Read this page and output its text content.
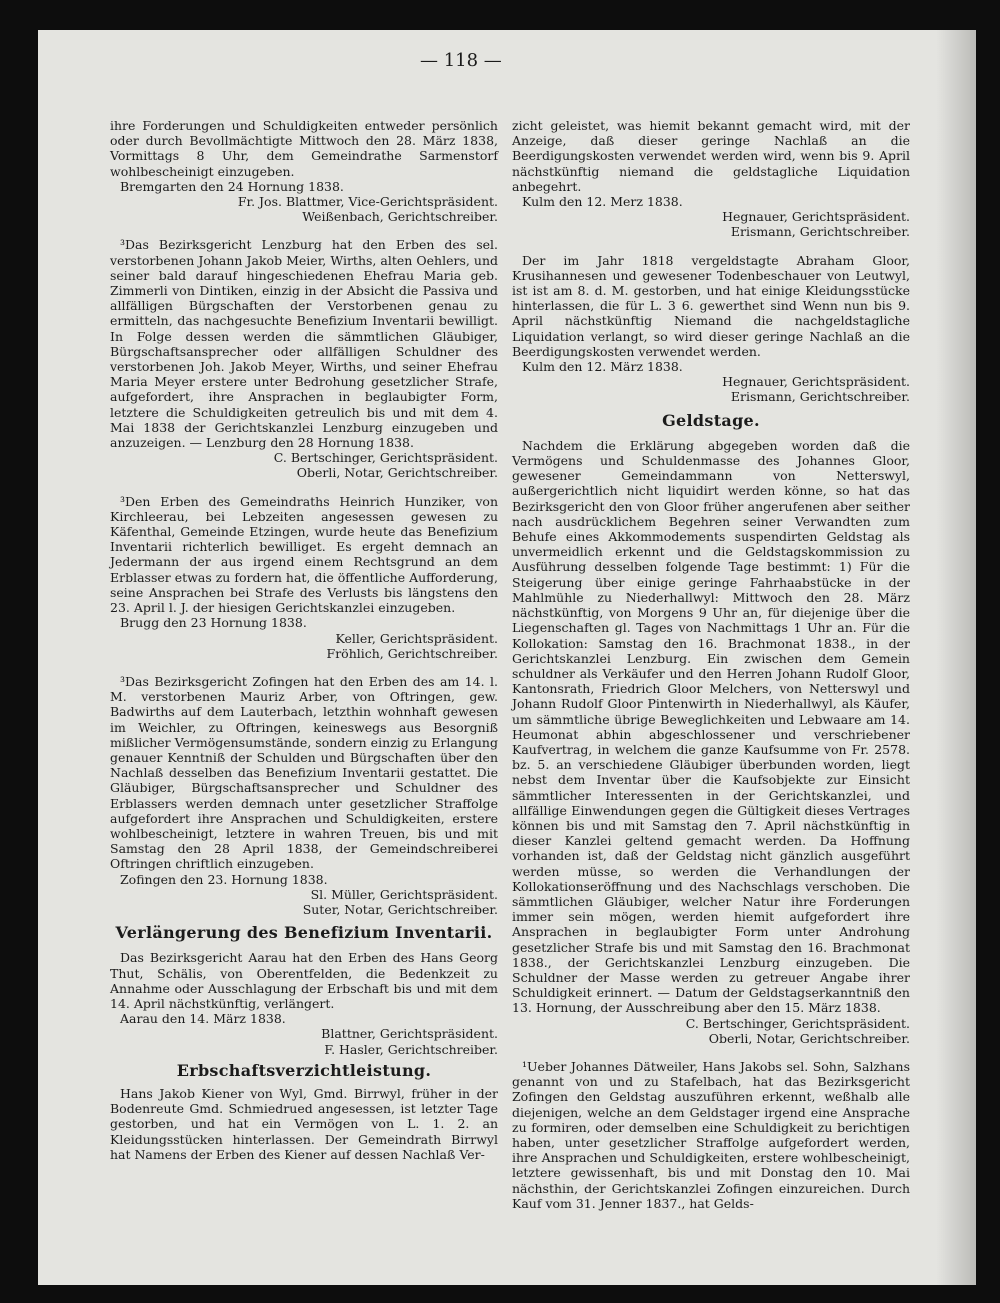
— 118 —

ihre Forderungen und Schuldigkeiten entweder persönlich oder durch Bevollmächtigte Mittwoch den 28. März 1838, Vormittags 8 Uhr, dem Gemeindrathe Sarmenstorf wohlbescheinigt einzugeben.

Bremgarten den 24 Hornung 1838.

Fr. Jos. Blattmer, Vice-Gerichtspräsident.

Weißenbach, Gerichtschreiber.

³Das Bezirksgericht Lenzburg hat den Erben des sel. verstorbenen Johann Jakob Meier, Wirths, alten Oehlers, und seiner bald darauf hingeschiedenen Ehefrau Maria geb. Zimmerli von Dintiken, einzig in der Absicht die Passiva und allfälligen Bürgschaften der Verstorbenen genau zu ermitteln, das nachgesuchte Benefizium Inventarii bewilligt. In Folge dessen werden die sämmtlichen Gläubiger, Bürgschaftsansprecher oder allfälligen Schuldner des verstorbenen Joh. Jakob Meyer, Wirths, und seiner Ehefrau Maria Meyer erstere unter Bedrohung gesetzlicher Strafe, aufgefordert, ihre Ansprachen in beglaubigter Form, letztere die Schuldigkeiten getreulich bis und mit dem 4. Mai 1838 der Gerichtskanzlei Lenzburg einzugeben und anzuzeigen. — Lenzburg den 28 Hornung 1838.

C. Bertschinger, Gerichtspräsident.

Oberli, Notar, Gerichtschreiber.

³Den Erben des Gemeindraths Heinrich Hunziker, von Kirchleerau, bei Lebzeiten angesessen gewesen zu Käfenthal, Gemeinde Etzingen, wurde heute das Benefizium Inventarii richterlich bewilliget. Es ergeht demnach an Jedermann der aus irgend einem Rechtsgrund an dem Erblasser etwas zu fordern hat, die öffentliche Aufforderung, seine Ansprachen bei Strafe des Verlusts bis längstens den 23. April l. J. der hiesigen Gerichtskanzlei einzugeben.

Brugg den 23 Hornung 1838.

Keller, Gerichtspräsident.

Fröhlich, Gerichtschreiber.

³Das Bezirksgericht Zofingen hat den Erben des am 14. l. M. verstorbenen Mauriz Arber, von Oftringen, gew. Badwirths auf dem Lauterbach, letzthin wohnhaft gewesen im Weichler, zu Oftringen, keineswegs aus Besorgniß mißlicher Vermögensumstände, sondern einzig zu Erlangung genauer Kenntniß der Schulden und Bürgschaften über den Nachlaß desselben das Benefizium Inventarii gestattet. Die Gläubiger, Bürgschaftsansprecher und Schuldner des Erblassers werden demnach unter gesetzlicher Straffolge aufgefordert ihre Ansprachen und Schuldigkeiten, erstere wohlbescheinigt, letztere in wahren Treuen, bis und mit Samstag den 28 April 1838, der Gemeindschreiberei Oftringen chriftlich einzugeben.

Zofingen den 23. Hornung 1838.

Sl. Müller, Gerichtspräsident.

Suter, Notar, Gerichtschreiber.

Verlängerung des Benefizium Inventarii.

Das Bezirksgericht Aarau hat den Erben des Hans Georg Thut, Schälis, von Oberentfelden, die Bedenkzeit zu Annahme oder Ausschlagung der Erbschaft bis und mit dem 14. April nächstkünftig, verlängert.

Aarau den 14. März 1838.

Blattner, Gerichtspräsident.

F. Hasler, Gerichtschreiber.

Erbschaftsverzichtleistung.

Hans Jakob Kiener von Wyl, Gmd. Birrwyl, früher in der Bodenreute Gmd. Schmiedrued angesessen, ist letzter Tage gestorben, und hat ein Vermögen von L. 1. 2. an Kleidungsstücken hinterlassen. Der Gemeindrath Birrwyl hat Namens der Erben des Kiener auf dessen Nachlaß Ver-

zicht geleistet, was hiemit bekannt gemacht wird, mit der Anzeige, daß dieser geringe Nachlaß an die Beerdigungskosten verwendet werden wird, wenn bis 9. April nächstkünftig niemand die geldstagliche Liquidation anbegehrt.

Kulm den 12. Merz 1838.

Hegnauer, Gerichtspräsident.

Erismann, Gerichtschreiber.

Der im Jahr 1818 vergeldstagte Abraham Gloor, Krusihannesen und gewesener Todenbeschauer von Leutwyl, ist ist am 8. d. M. gestorben, und hat einige Kleidungsstücke hinterlassen, die für L. 3 6. gewerthet sind Wenn nun bis 9. April nächstkünftig Niemand die nachgeldstagliche Liquidation verlangt, so wird dieser geringe Nachlaß an die Beerdigungskosten verwendet werden.

Kulm den 12. März 1838.

Hegnauer, Gerichtspräsident.

Erismann, Gerichtschreiber.

Geldstage.

Nachdem die Erklärung abgegeben worden daß die Vermögens und Schuldenmasse des Johannes Gloor, gewesener Gemeindammann von Netterswyl, außergerichtlich nicht liquidirt werden könne, so hat das Bezirksgericht den von Gloor früher angerufenen aber seither nach ausdrücklichem Begehren seiner Verwandten zum Behufe eines Akkommodements suspendirten Geldstag als unvermeidlich erkennt und die Geldstagskommission zu Ausführung desselben folgende Tage bestimmt: 1) Für die Steigerung über einige geringe Fahrhaabstücke in der Mahlmühle zu Niederhallwyl: Mittwoch den 28. März nächstkünftig, von Morgens 9 Uhr an, für diejenige über die Liegenschaften gl. Tages von Nachmittags 1 Uhr an. Für die Kollokation: Samstag den 16. Brachmonat 1838., in der Gerichtskanzlei Lenzburg. Ein zwischen dem Gemein schuldner als Verkäufer und den Herren Johann Rudolf Gloor, Kantonsrath, Friedrich Gloor Melchers, von Netterswyl und Johann Rudolf Gloor Pintenwirth in Niederhallwyl, als Käufer, um sämmtliche übrige Beweglichkeiten und Lebwaare am 14. Heumonat abhin abgeschlossener und verschriebener Kaufvertrag, in welchem die ganze Kaufsumme von Fr. 2578. bz. 5. an verschiedene Gläubiger überbunden worden, liegt nebst dem Inventar über die Kaufsobjekte zur Einsicht sämmtlicher Interessenten in der Gerichtskanzlei, und allfällige Einwendungen gegen die Gültigkeit dieses Vertrages können bis und mit Samstag den 7. April nächstkünftig in dieser Kanzlei geltend gemacht werden. Da Hoffnung vorhanden ist, daß der Geldstag nicht gänzlich ausgeführt werden müsse, so werden die Verhandlungen der Kollokationseröffnung und des Nachschlags verschoben. Die sämmtlichen Gläubiger, welcher Natur ihre Forderungen immer sein mögen, werden hiemit aufgefordert ihre Ansprachen in beglaubigter Form unter Androhung gesetzlicher Strafe bis und mit Samstag den 16. Brachmonat 1838., der Gerichtskanzlei Lenzburg einzugeben. Die Schuldner der Masse werden zu getreuer Angabe ihrer Schuldigkeit erinnert. — Datum der Geldstagserkanntniß den 13. Hornung, der Ausschreibung aber den 15. März 1838.

C. Bertschinger, Gerichtspräsident.

Oberli, Notar, Gerichtschreiber.

¹Ueber Johannes Dätweiler, Hans Jakobs sel. Sohn, Salzhans genannt von und zu Stafelbach, hat das Bezirksgericht Zofingen den Geldstag auszuführen erkennt, weßhalb alle diejenigen, welche an dem Geldstager irgend eine Ansprache zu formiren, oder demselben eine Schuldigkeit zu berichtigen haben, unter gesetzlicher Straffolge aufgefordert werden, ihre Ansprachen und Schuldigkeiten, erstere wohlbescheinigt, letztere gewissenhaft, bis und mit Donstag den 10. Mai nächsthin, der Gerichtskanzlei Zofingen einzureichen. Durch Kauf vom 31. Jenner 1837., hat Gelds-
